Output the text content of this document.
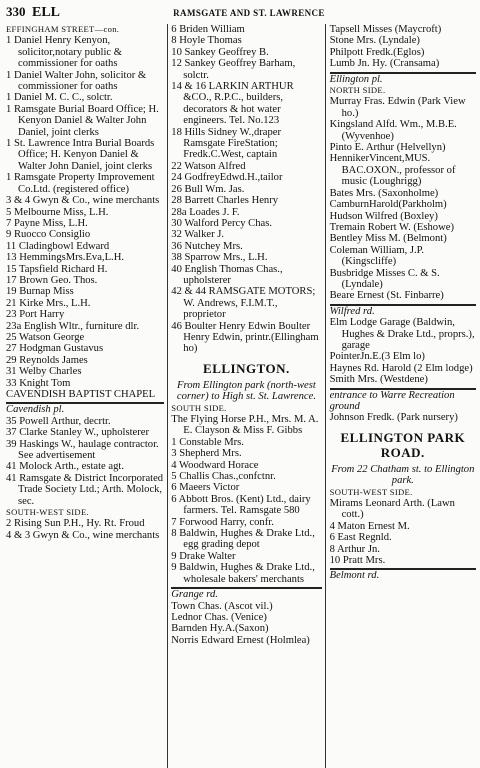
330 ELL	RAMSGATE AND ST. LAWRENCE
EFFINGHAM STREET—con.
1 Daniel Henry Kenyon, solicitor,notary public & commissioner for oaths
1 Daniel Walter John, solicitor & commissioner for oaths
1 Daniel M. C. C., solctr.
1 Ramsgate Burial Board Office; H. Kenyon Daniel & Walter John Daniel, joint clerks
1 St. Lawrence Intra Burial Boards Office; H. Kenyon Daniel & Walter John Daniel, joint clerks
1 Ramsgate Property Improvement Co.Ltd. (registered office)
3 & 4 Gwyn & Co., wine merchants
5 Melbourne Miss, L.H.
7 Payne Miss, L.H.
9 Ruocco Consiglio
11 Cladingbowl Edward
13 HemmingsMrs.Eva,L.H.
15 Tapsfield Richard H.
17 Brown Geo. Thos.
19 Burnap Miss
21 Kirke Mrs., L.H.
23 Port Harry
23a English Wltr., furniture dlr.
25 Watson George
27 Hodgman Gustavus
29 Reynolds James
31 Welby Charles
33 Knight Tom
CAVENDISH BAPTIST CHAPEL
Cavendish pl.
35 Powell Arthur, decrtr.
37 Clarke Stanley W., upholsterer
39 Haskings W., haulage contractor. See advertisement
41 Molock Arth., estate agt.
41 Ramsgate & District Incorporated Trade Society Ltd.; Arth. Molock, sec.
SOUTH-WEST SIDE.
2 Rising Sun P.H., Hy. Rt. Froud
4 & 3 Gwyn & Co., wine merchants
6 Briden William
8 Hoyle Thomas
10 Sankey Geoffrey B.
12 Sankey Geoffrey Barham, solctr.
14 & 16 LARKIN ARTHUR &CO., R.P.C., builders, decorators & hot water engineers. Tel. No.123
18 Hills Sidney W.,draper Ramsgate FireStation; Fredk.C.West, captain
22 Watson Alfred
24 GodfreyEdwd.H.,tailor
26 Bull Wm. Jas.
28 Barrett Charles Henry
28a Loades J. F.
30 Walford Percy Chas.
32 Walker J.
36 Nutchey Mrs.
38 Sparrow Mrs., L.H.
40 English Thomas Chas., upholsterer
42 & 44 RAMSGATE MOTORS; W. Andrews, F.I.M.T., proprietor
46 Boulter Henry Edwin Boulter Henry Edwin, printr.(Ellingham ho)
ELLINGTON.
From Ellington park (north-west corner) to High st. St. Lawrence.
SOUTH SIDE.
The Flying Horse P.H., Mrs. M. A. E. Clayson & Miss F. Gibbs
1 Constable Mrs.
3 Shepherd Mrs.
4 Woodward Horace
5 Challis Chas.,confctnr.
6 Maeers Victor
6 Abbott Bros. (Kent) Ltd., dairy farmers. Tel. Ramsgate 580
7 Forwood Harry, confr.
8 Baldwin, Hughes & Drake Ltd., egg grading depot
9 Drake Walter
9 Baldwin, Hughes & Drake Ltd., wholesale bakers' merchants
Grange rd.
Town Chas. (Ascot vil.)
Lednor Chas. (Venice)
Barnden Hy.A.(Saxon)
Norris Edward Ernest (Holmlea)
Tapsell Misses (Maycroft)
Stone Mrs. (Lyndale)
Philpott Fredk.(Eglos)
Lumb Jn. Hy. (Cransama)
Ellington pl.
NORTH SIDE.
Murray Fras. Edwin (Park View ho.)
Kingsland Alfd. Wm., M.B.E. (Wyvenhoe)
Pinto E. Arthur (Helvellyn)
HennikerVincent,MUS. BAC.OXON., professor of music (Loughrigg)
Bates Mrs. (Saxonholme)
CamburnHarold(Parkholm)
Hudson Wilfred (Boxley)
Tremain Robert W. (Eshowe)
Bentley Miss M. (Belmont)
Coleman William, J.P. (Kingscliffe)
Busbridge Misses C. & S. (Lyndale)
Beare Ernest (St. Finbarre)
Wilfred rd.
Elm Lodge Garage (Baldwin, Hughes & Drake Ltd., proprs.), garage
PointerJn.E.(3 Elm lo)
Haynes Rd. Harold (2 Elm lodge)
Smith Mrs. (Westdene)
entrance to Warre Recreation ground
Johnson Fredk. (Park nursery)
ELLINGTON PARK ROAD.
From 22 Chatham st. to Ellington park.
SOUTH-WEST SIDE.
Mirams Leonard Arth. (Lawn cott.)
4 Maton Ernest M.
6 East Regnld.
8 Arthur Jn.
10 Pratt Mrs.
Belmont rd.
